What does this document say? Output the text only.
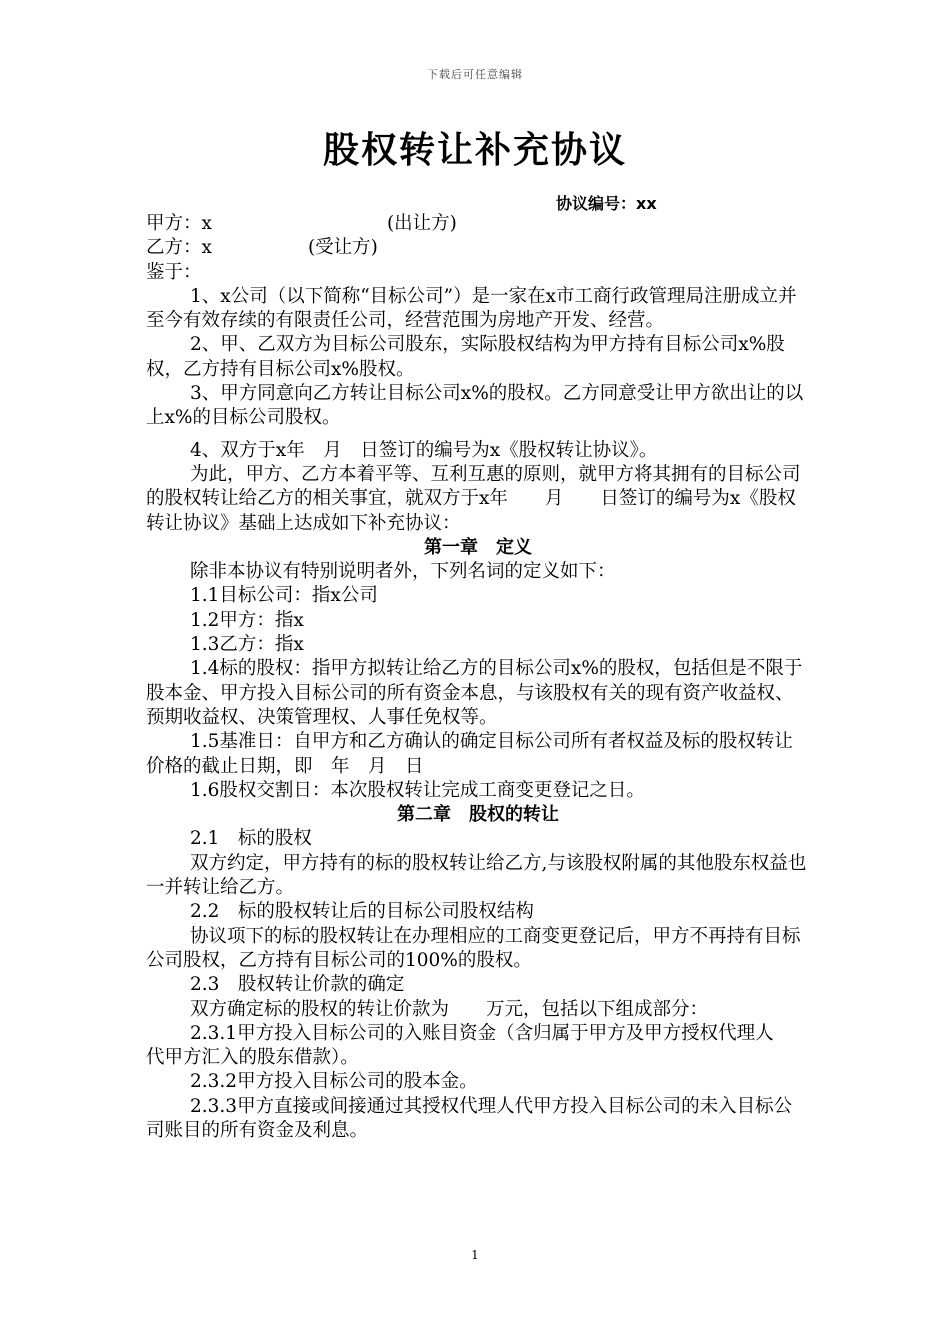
下载后可任意编辑
股权转让补充协议
协议编号：xx

甲方：x	(出让方)

乙方：x	(受让方)

鉴于：

1、x公司（以下简称“目标公司”）是一家在x市工商行政管理局注册成立并至今有效存续的有限责任公司，经营范围为房地产开发、经营。

2、甲、乙双方为目标公司股东，实际股权结构为甲方持有目标公司x%股权，乙方持有目标公司x%股权。

3、甲方同意向乙方转让目标公司x%的股权。乙方同意受让甲方欲出让的以上x%的目标公司股权。

4、双方于x年　月　日签订的编号为x《股权转让协议》。

为此，甲方、乙方本着平等、互利互惠的原则，就甲方将其拥有的目标公司的股权转让给乙方的相关事宜，就双方于x年　　月　　日签订的编号为x《股权转让协议》基础上达成如下补充协议：

第一章　定义

除非本协议有特别说明者外，下列名词的定义如下：

1.1目标公司：指x公司

1.2甲方：指x

1.3乙方：指x

1.4标的股权：指甲方拟转让给乙方的目标公司x%的股权，包括但是不限于股本金、甲方投入目标公司的所有资金本息，与该股权有关的现有资产收益权、预期收益权、决策管理权、人事任免权等。

1.5基准日：自甲方和乙方确认的确定目标公司所有者权益及标的股权转让价格的截止日期，即　年　月　日

1.6股权交割日：本次股权转让完成工商变更登记之日。

第二章　股权的转让

2.1　标的股权

双方约定，甲方持有的标的股权转让给乙方,与该股权附属的其他股东权益也一并转让给乙方。

2.2　标的股权转让后的目标公司股权结构

协议项下的标的股权转让在办理相应的工商变更登记后，甲方不再持有目标公司股权，乙方持有目标公司的100%的股权。

2.3　股权转让价款的确定

双方确定标的股权的转让价款为　　万元，包括以下组成部分：

2.3.1甲方投入目标公司的入账目资金（含归属于甲方及甲方授权代理人　代甲方汇入的股东借款）。

2.3.2甲方投入目标公司的股本金。

2.3.3甲方直接或间接通过其授权代理人代甲方投入目标公司的未入目标公司账目的所有资金及利息。

1
